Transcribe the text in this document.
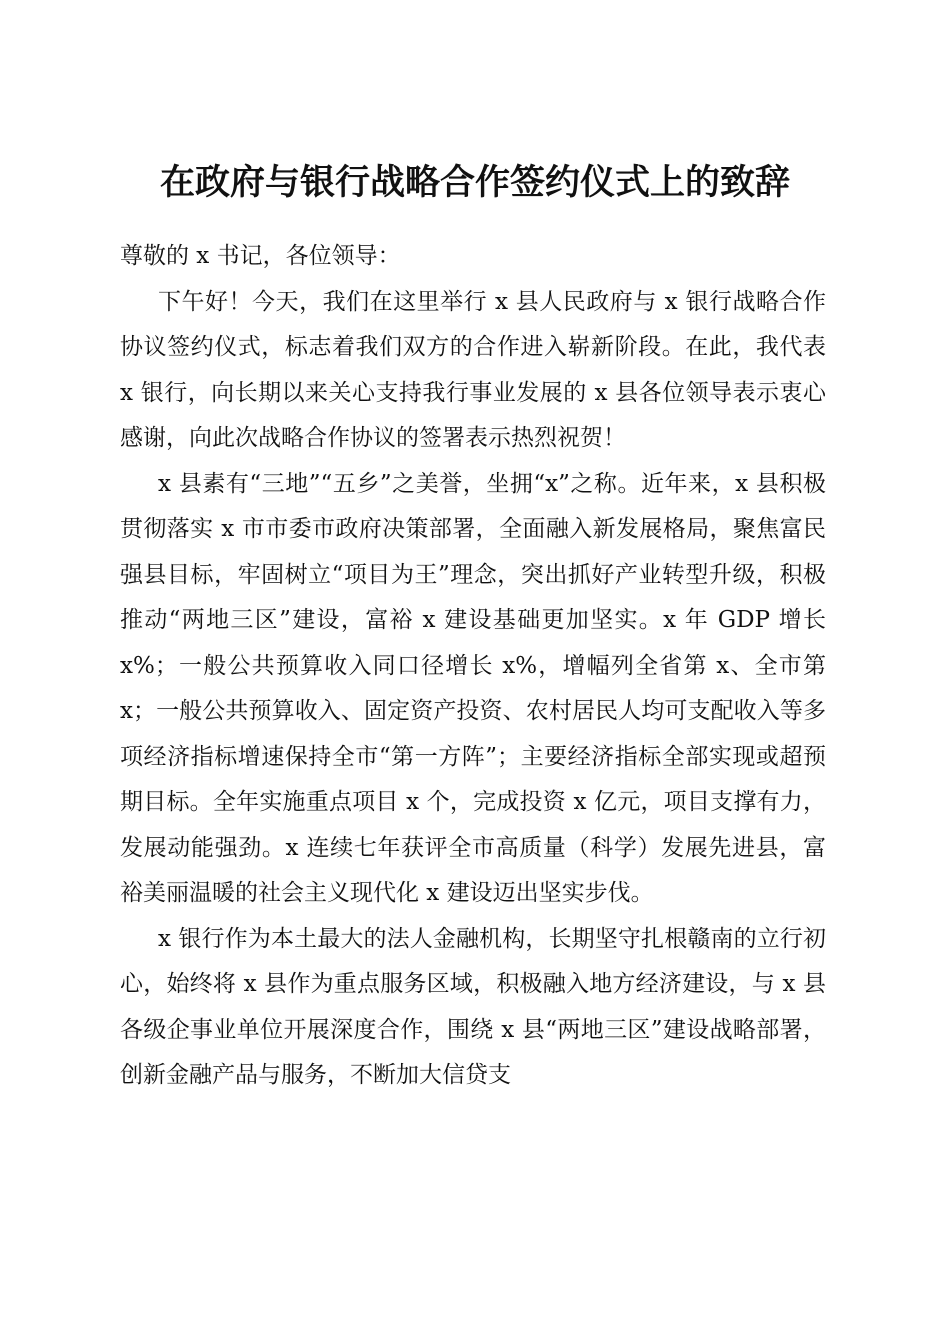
在政府与银行战略合作签约仪式上的致辞

尊敬的 x 书记，各位领导：

下午好！今天，我们在这里举行 x 县人民政府与 x 银行战略合作协议签约仪式，标志着我们双方的合作进入崭新阶段。在此，我代表 x 银行，向长期以来关心支持我行事业发展的 x 县各位领导表示衷心感谢，向此次战略合作协议的签署表示热烈祝贺！

x 县素有“三地”“五乡”之美誉，坐拥“x”之称。近年来，x 县积极贯彻落实 x 市市委市政府决策部署，全面融入新发展格局，聚焦富民强县目标，牢固树立“项目为王”理念，突出抓好产业转型升级，积极推动“两地三区”建设，富裕 x 建设基础更加坚实。x 年 GDP 增长 x%；一般公共预算收入同口径增长 x%，增幅列全省第 x、全市第 x；一般公共预算收入、固定资产投资、农村居民人均可支配收入等多项经济指标增速保持全市“第一方阵”；主要经济指标全部实现或超预期目标。全年实施重点项目 x 个，完成投资 x 亿元，项目支撑有力，发展动能强劲。x 连续七年获评全市高质量（科学）发展先进县，富裕美丽温暖的社会主义现代化 x 建设迈出坚实步伐。

x 银行作为本土最大的法人金融机构，长期坚守扎根赣南的立行初心，始终将 x 县作为重点服务区域，积极融入地方经济建设，与 x 县各级企事业单位开展深度合作，围绕 x 县“两地三区”建设战略部署，创新金融产品与服务，不断加大信贷支
